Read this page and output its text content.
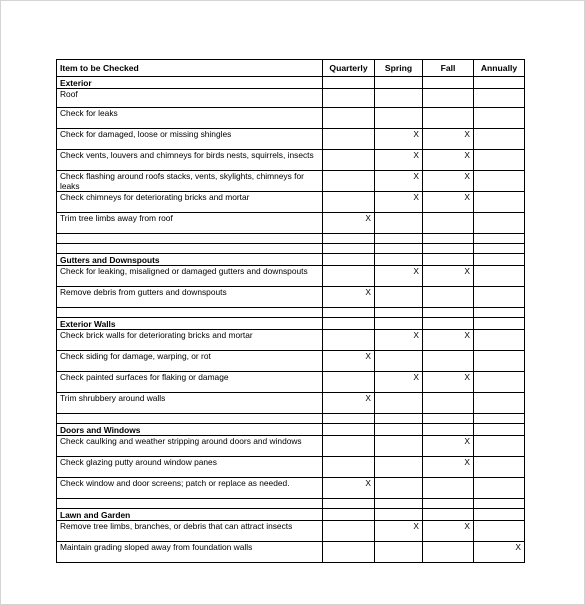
Item to be Checked	Quarterly	Spring	Fall	Annually
Exterior				
Roof				
Check for leaks				
Check for damaged, loose or missing shingles		X	X	
Check vents, louvers and chimneys for birds nests, squirrels, insects		X	X	
Check flashing around roofs stacks, vents, skylights, chimneys for leaks		X	X	
Check chimneys for deteriorating bricks and mortar		X	X	
Trim tree limbs away from roof	X			

Gutters and Downspouts				
Check for leaking, misaligned or damaged gutters and downspouts		X	X	
Remove debris from gutters and downspouts	X			

Exterior Walls				
Check brick walls for deteriorating bricks and mortar		X	X	
Check siding for damage, warping, or rot	X			
Check painted surfaces for flaking or damage		X	X	
Trim shrubbery around walls	X			

Doors and Windows				
Check caulking and weather stripping around doors and windows			X	
Check glazing putty around window panes			X	
Check window and door screens; patch or replace as needed.	X			

Lawn and Garden				
Remove tree limbs, branches, or debris that can attract insects		X	X	
Maintain grading sloped away from foundation walls				X
